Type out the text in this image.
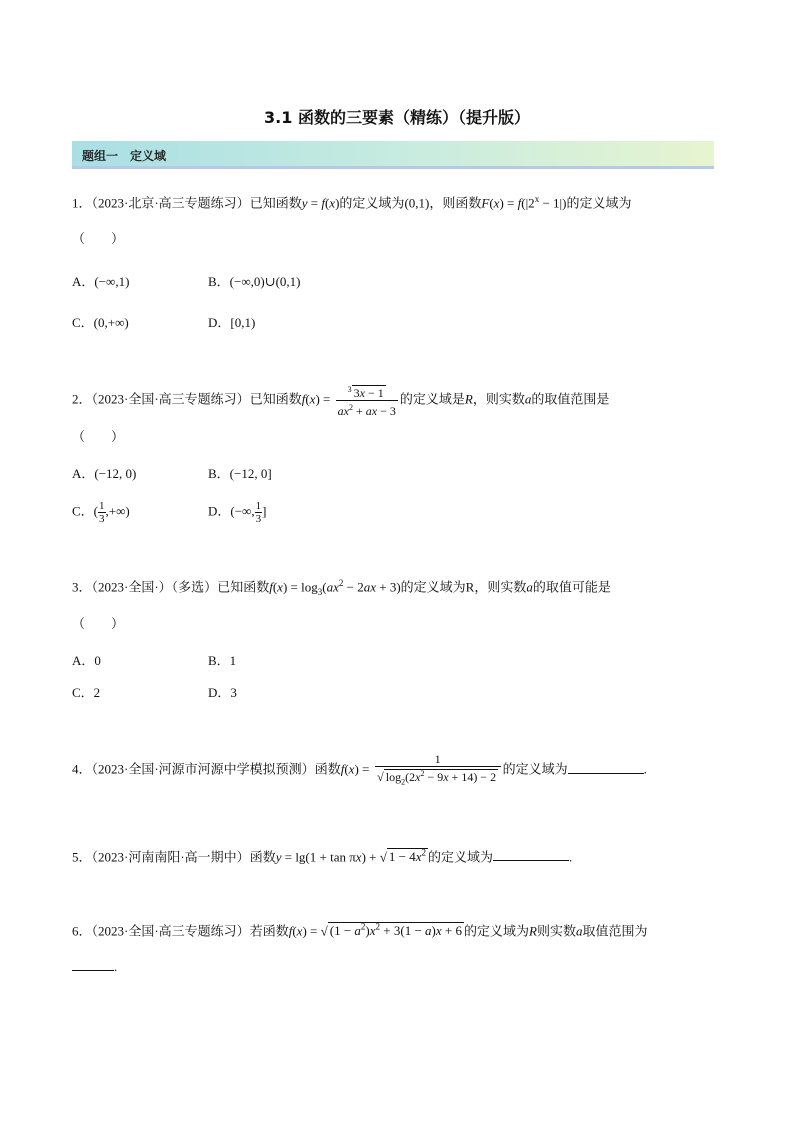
3.1 函数的三要素（精练）（提升版）
题组一　定义域
1．（2023·北京·高三专题练习）已知函数y = f(x)的定义域为(0,1)，则函数$F(x) = f(|2^x - 1|)$的定义域为
（　　）
A．(−∞,1)	B．(−∞,0)∪(0,1)
C．(0,+∞)	D．[0,1)
2．（2023·全国·高三专题练习）已知函数$f(x) = \frac{^3 3x - 1}{ax^2 + ax - 3}$ 的定义域是R，则实数a的取值范围是
（　　）
A．(−12, 0)	B．(−12, 0]
C．( $\frac{1}{3}$ ,+∞)	D．(−∞, $\frac{1}{3}$ ]
3．（2023·全国·）（多选）已知函数$f(x) = \log_3(ax^2 - 2ax + 3)$的定义域为R，则实数a的取值可能是
（　　）
A．0	B．1
C．2	D．3
4．（2023·全国·河源市河源中学模拟预测）函数$f(x) = \frac{1}{√ \log_2(2x^2 - 9x + 14) - 2}$ 的定义域为	.
5．（2023·河南南阳·高一期中）函数y = lg(1 + tan πx) + √ $1 - 4x^2$ 的定义域为	.
6．（2023·全国·高三专题练习）若函数f(x) = √ $(1 - a^2)x^2 + 3(1 - a)x + 6$ 的定义域为R则实数a取值范围为
.
